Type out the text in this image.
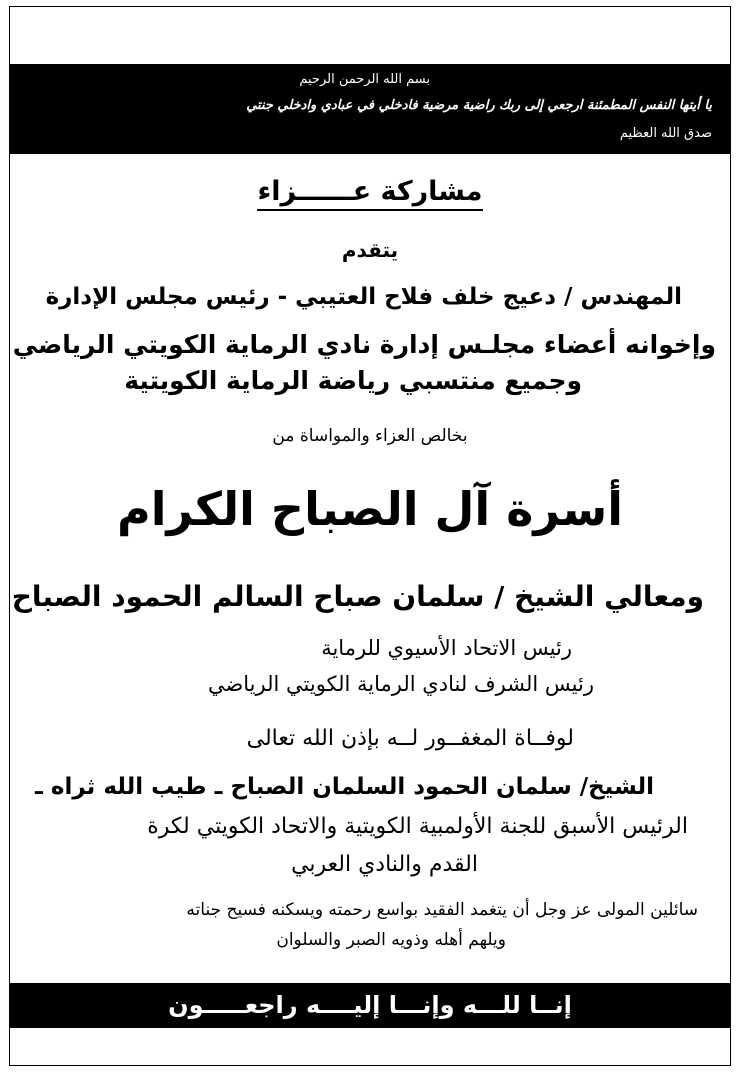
بسم الله الرحمن الرحيم
يا أيتها النفس المطمئنة ارجعي إلى ربك راضية مرضية فادخلي في عبادي وادخلي جنتي
صدق الله العظيم
مشاركة عــــــزاء
يتقدم
المهندس / دعيج خلف فلاح العتيبي - رئيس مجلس الإدارة
وإخوانه أعضاء مجلـس إدارة نادي الرماية الكويتي الرياضي
وجميع منتسبي رياضة الرماية الكويتية
بخالص العزاء والمواساة من
أسرة آل الصباح الكرام
ومعالي الشيخ / سلمان صباح السالم الحمود الصباح
رئيس الاتحاد الأسيوي للرماية
رئيس الشرف لنادي الرماية الكويتي الرياضي
لوفــاة المغفــور لــه بإذن الله تعالى
الشيخ/ سلمان الحمود السلمان الصباح ـ طيب الله ثراه ـ
الرئيس الأسبق للجنة الأولمبية الكويتية والاتحاد الكويتي لكرة
القدم والنادي العربي
سائلين المولى عز وجل أن يتغمد الفقيد بواسع رحمته ويسكنه فسيح جناته
ويلهم أهله وذويه الصبر والسلوان
إنــا للـــه وإنـــا إليــــه راجعـــــون
